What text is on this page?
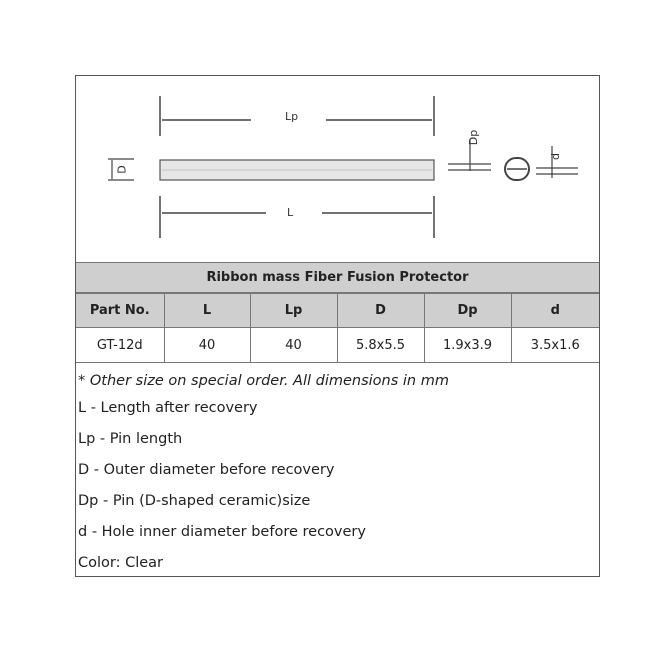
Lp
L
D
Dp
d
Ribbon mass Fiber Fusion Protector
Part No.	L	Lp	D	Dp	d
GT-12d	40	40	5.8x5.5	1.9x3.9	3.5x1.6
* Other size on special order. All dimensions in mm
L - Length after recovery
Lp - Pin length
D - Outer diameter before recovery
Dp - Pin (D-shaped ceramic)size
d - Hole inner diameter before recovery
Color: Clear
